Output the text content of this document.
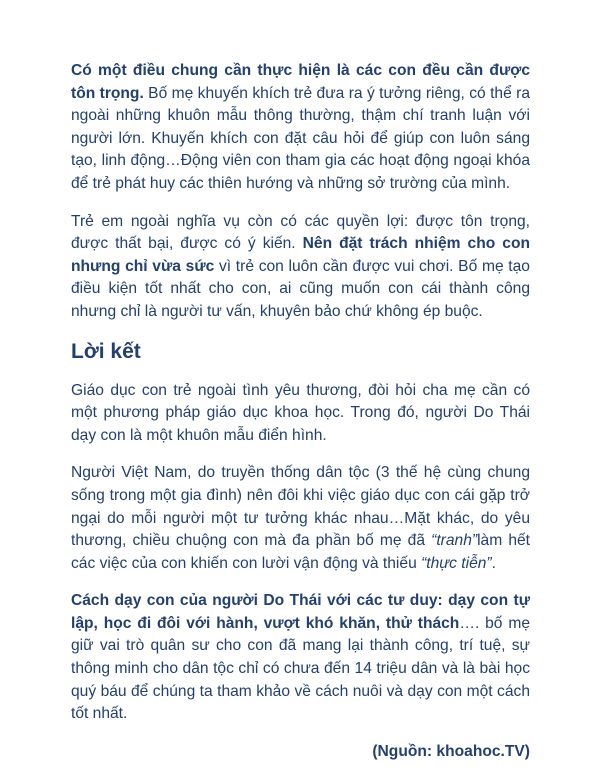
Có một điều chung cần thực hiện là các con đều cần được tôn trọng. Bố mẹ khuyến khích trẻ đưa ra ý tưởng riêng, có thể ra ngoài những khuôn mẫu thông thường, thậm chí tranh luận với người lớn. Khuyến khích con đặt câu hỏi để giúp con luôn sáng tạo, linh động…Động viên con tham gia các hoạt động ngoại khóa để trẻ phát huy các thiên hướng và những sở trường của mình.

Trẻ em ngoài nghĩa vụ còn có các quyền lợi: được tôn trọng, được thất bại, được có ý kiến. Nên đặt trách nhiệm cho con nhưng chỉ vừa sức vì trẻ con luôn cần được vui chơi. Bố mẹ tạo điều kiện tốt nhất cho con, ai cũng muốn con cái thành công nhưng chỉ là người tư vấn, khuyên bảo chứ không ép buộc.

Lời kết

Giáo dục con trẻ ngoài tình yêu thương, đòi hỏi cha mẹ cần có một phương pháp giáo dục khoa học. Trong đó, người Do Thái dạy con là một khuôn mẫu điển hình.

Người Việt Nam, do truyền thống dân tộc (3 thế hệ cùng chung sống trong một gia đình) nên đôi khi việc giáo dục con cái gặp trở ngại do mỗi người một tư tưởng khác nhau…Mặt khác, do yêu thương, chiều chuộng con mà đa phần bố mẹ đã “tranh”làm hết các việc của con khiến con lười vận động và thiếu “thực tiễn”.

Cách dạy con của người Do Thái với các tư duy: dạy con tự lập, học đi đôi với hành, vượt khó khăn, thử thách…. bố mẹ giữ vai trò quân sư cho con đã mang lại thành công, trí tuệ, sự thông minh cho dân tộc chỉ có chưa đến 14 triệu dân và là bài học quý báu để chúng ta tham khảo về cách nuôi và dạy con một cách tốt nhất.

(Nguồn: khoahoc.TV)
